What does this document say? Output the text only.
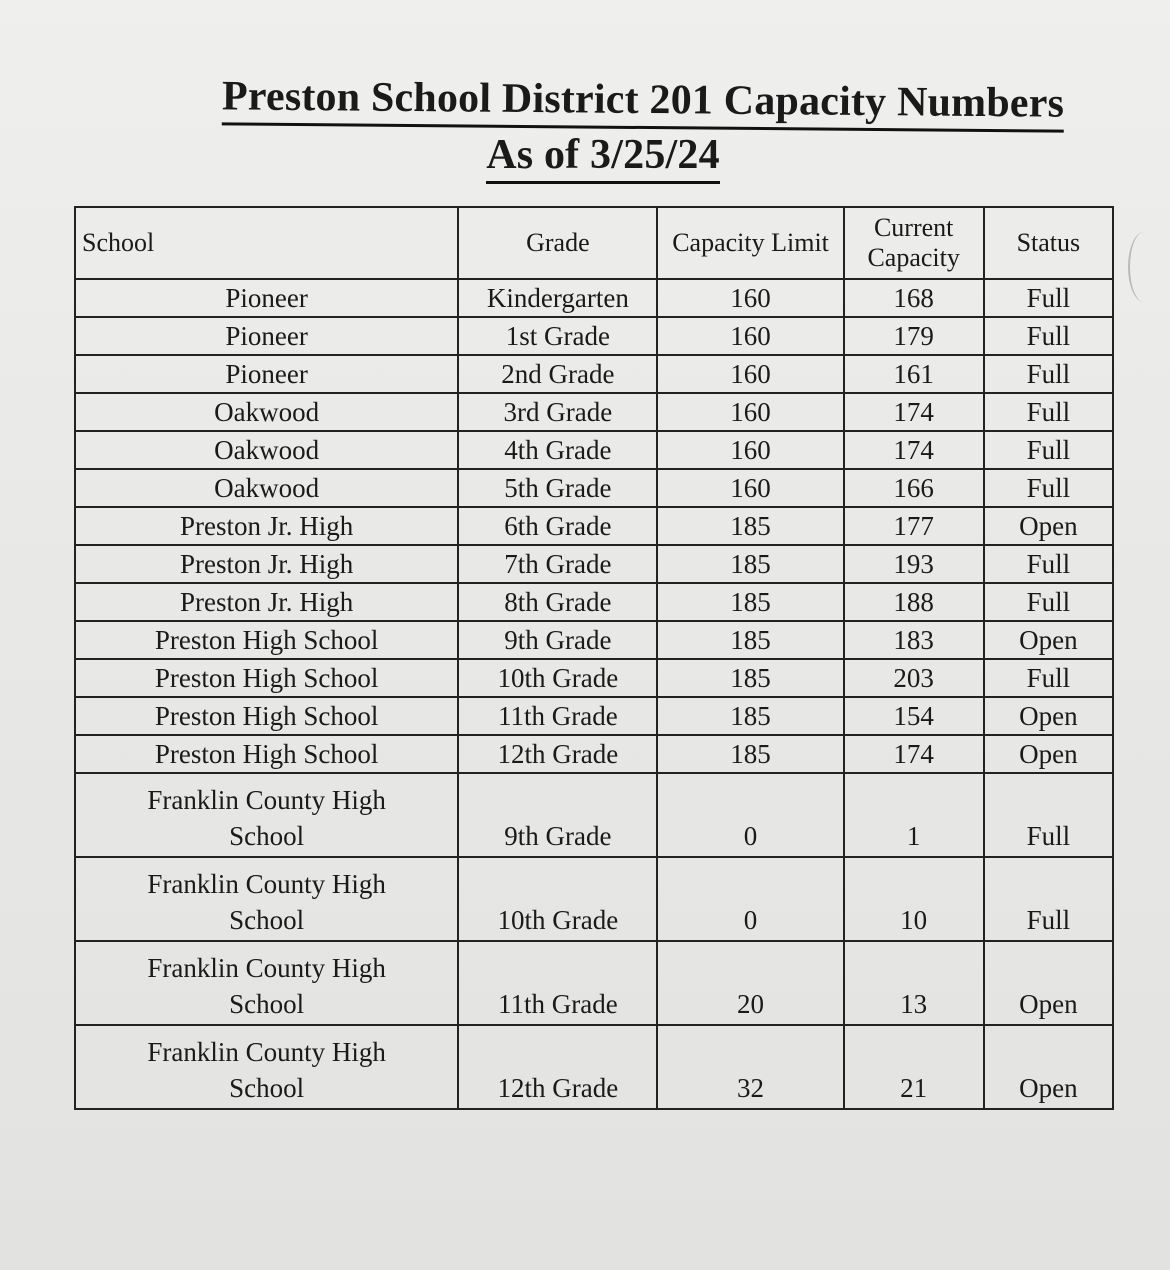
Preston School District 201 Capacity Numbers
As of 3/25/24
School	Grade	Capacity Limit	Current Capacity	Status
Pioneer	Kindergarten	160	168	Full
Pioneer	1st Grade	160	179	Full
Pioneer	2nd Grade	160	161	Full
Oakwood	3rd Grade	160	174	Full
Oakwood	4th Grade	160	174	Full
Oakwood	5th Grade	160	166	Full
Preston Jr. High	6th Grade	185	177	Open
Preston Jr. High	7th Grade	185	193	Full
Preston Jr. High	8th Grade	185	188	Full
Preston High School	9th Grade	185	183	Open
Preston High School	10th Grade	185	203	Full
Preston High School	11th Grade	185	154	Open
Preston High School	12th Grade	185	174	Open

Franklin County High
School	9th Grade	0	1	Full

Franklin County High
School	10th Grade	0	10	Full

Franklin County High
School	11th Grade	20	13	Open

Franklin County High
School	12th Grade	32	21	Open
